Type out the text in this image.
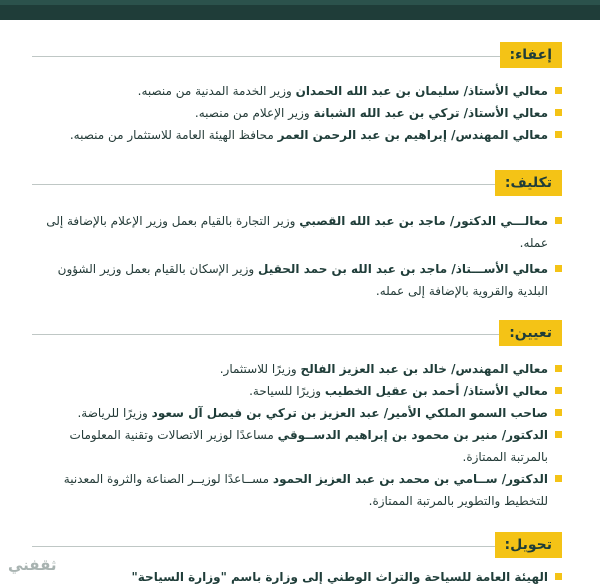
إعفاء:
معالي الأستاذ/ سليمان بن عبد الله الحمدان وزير الخدمة المدنية من منصبه.
معالي الأستاذ/ تركي بن عبد الله الشبانة وزير الإعلام من منصبه.
معالي المهندس/ إبراهيم بن عبد الرحمن العمر محافظ الهيئة العامة للاستثمار من منصبه.
تكليف:
معالـــي الدكتور/ ماجد بن عبد الله القصبي وزير التجارة بالقيام بعمل وزير الإعلام بالإضافة إلى عمله.
معالي الأســـتاذ/ ماجد بن عبد الله بن حمد الحقيل وزير الإسكان بالقيام بعمل وزير الشؤون البلدية والقروية بالإضافة إلى عمله.
تعيين:
معالي المهندس/ خالد بن عبد العزيز الفالح وزيرًا للاستثمار.
معالي الأستاذ/ أحمد بن عقيل الخطيب وزيرًا للسياحة.
صاحب السمو الملكي الأمير/ عبد العزيز بن تركي بن فيصل آل سعود وزيرًا للرياضة.
الدكتور/ منير بن محمود بن إبراهيم الدســوقي مساعدًا لوزير الاتصالات وتقنية المعلومات بالمرتبة الممتازة.
الدكتور/ ســامي بن محمد بن عبد العزيز الحمود مســاعدًا لوزيــر الصناعة والثروة المعدنية للتخطيط والتطوير بالمرتبة الممتازة.
تحويل:
الهيئة العامة للسياحة والتراث الوطني إلى وزارة باسم "وزارة السياحة"
ثقفني
